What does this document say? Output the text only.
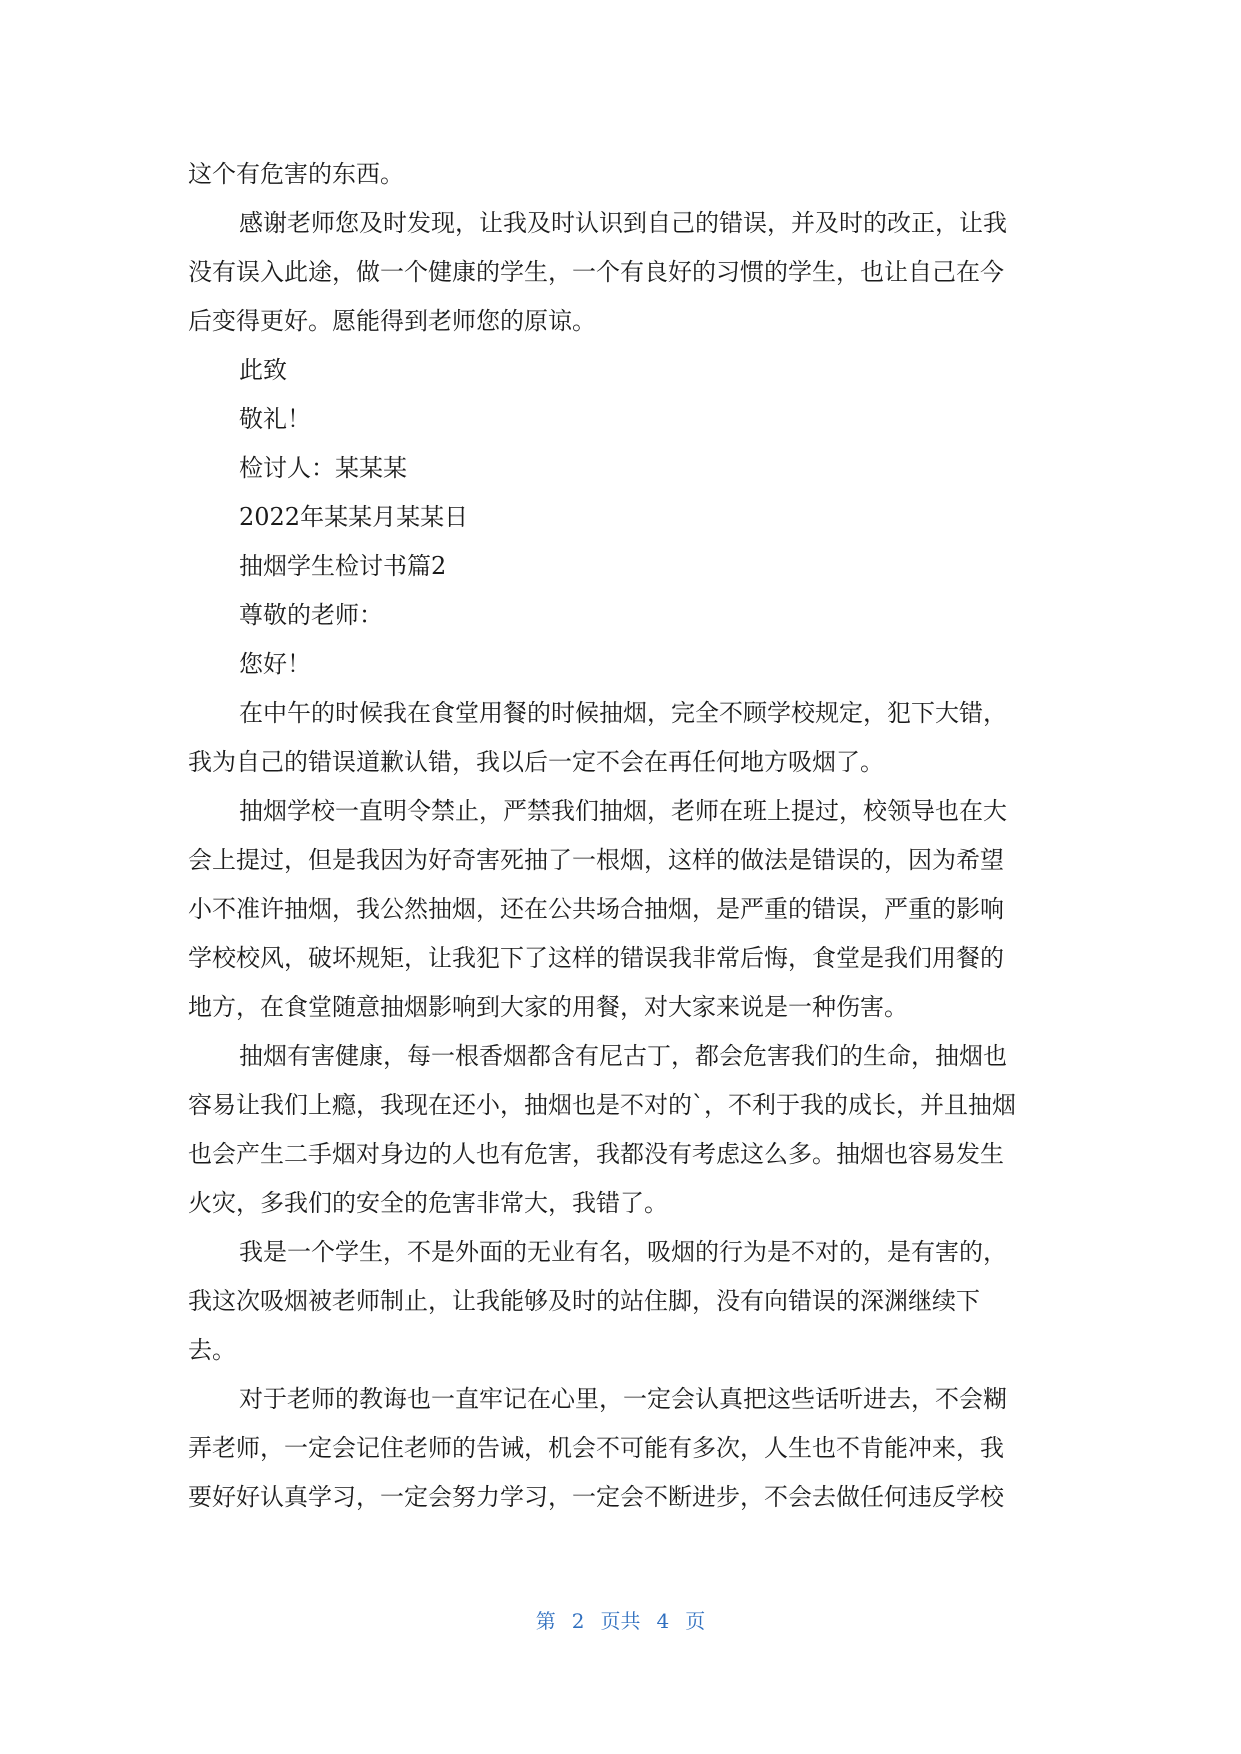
这个有危害的东西。
感谢老师您及时发现，让我及时认识到自己的错误，并及时的改正，让我
没有误入此途，做一个健康的学生，一个有良好的习惯的学生，也让自己在今
后变得更好。愿能得到老师您的原谅。
此致
敬礼！
检讨人：某某某
2022年某某月某某日
抽烟学生检讨书篇2
尊敬的老师：
您好！
在中午的时候我在食堂用餐的时候抽烟，完全不顾学校规定，犯下大错，
我为自己的错误道歉认错，我以后一定不会在再任何地方吸烟了。
抽烟学校一直明令禁止，严禁我们抽烟，老师在班上提过，校领导也在大
会上提过，但是我因为好奇害死抽了一根烟，这样的做法是错误的，因为希望
小不准许抽烟，我公然抽烟，还在公共场合抽烟，是严重的错误，严重的影响
学校校风，破坏规矩，让我犯下了这样的错误我非常后悔，食堂是我们用餐的
地方，在食堂随意抽烟影响到大家的用餐，对大家来说是一种伤害。
抽烟有害健康，每一根香烟都含有尼古丁，都会危害我们的生命，抽烟也
容易让我们上瘾，我现在还小，抽烟也是不对的`，不利于我的成长，并且抽烟
也会产生二手烟对身边的人也有危害，我都没有考虑这么多。抽烟也容易发生
火灾，多我们的安全的危害非常大，我错了。
我是一个学生，不是外面的无业有名，吸烟的行为是不对的，是有害的，
我这次吸烟被老师制止，让我能够及时的站住脚，没有向错误的深渊继续下
去。
对于老师的教诲也一直牢记在心里，一定会认真把这些话听进去，不会糊
弄老师，一定会记住老师的告诫，机会不可能有多次，人生也不肯能冲来，我
要好好认真学习，一定会努力学习，一定会不断进步，不会去做任何违反学校
第 2 页共 4 页
